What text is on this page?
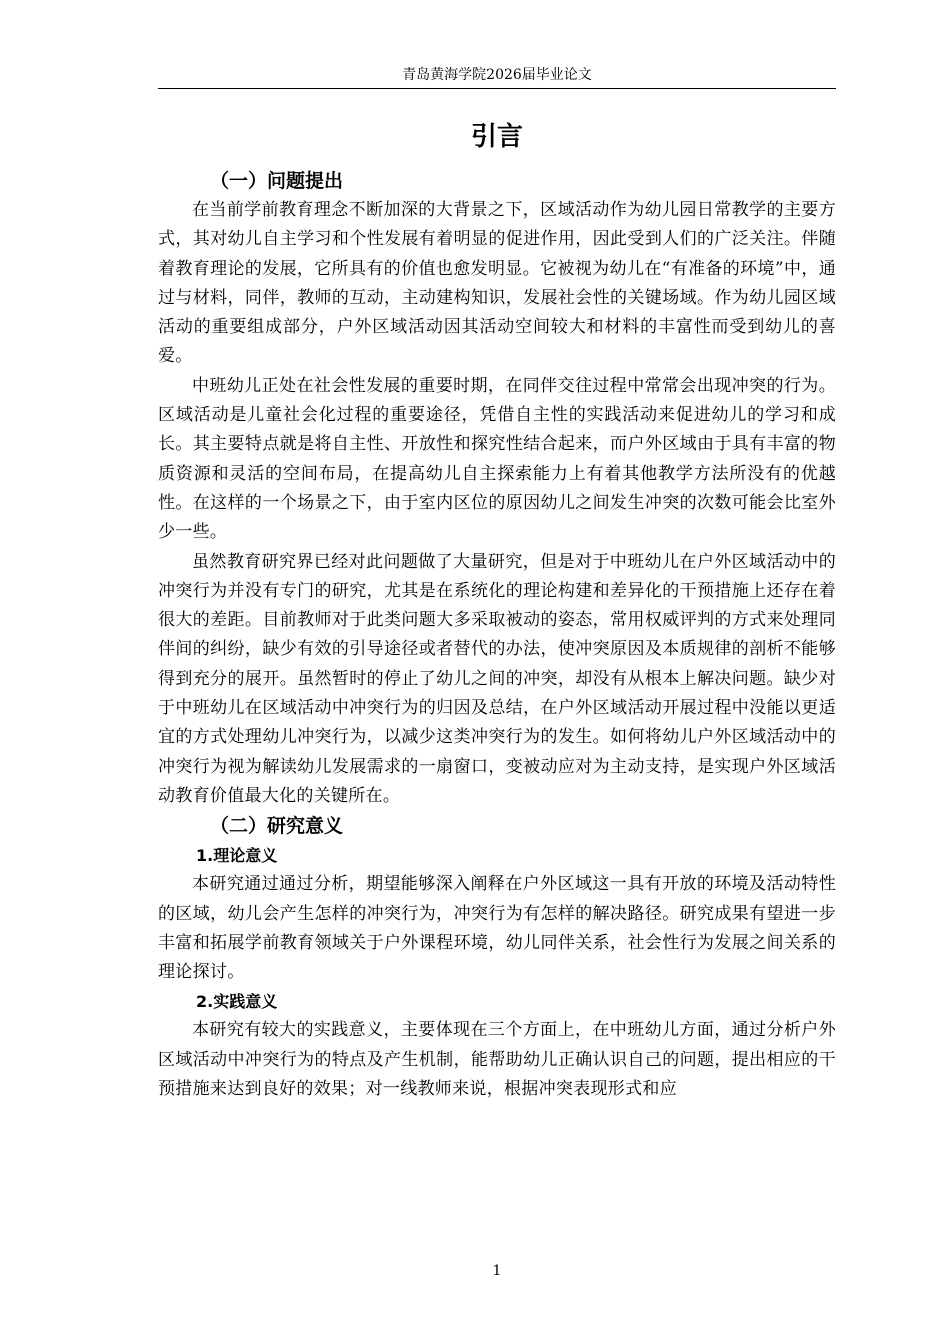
青岛黄海学院2026届毕业论文
引言
（一）问题提出

在当前学前教育理念不断加深的大背景之下，区域活动作为幼儿园日常教学的主要方式，其对幼儿自主学习和个性发展有着明显的促进作用，因此受到人们的广泛关注。伴随着教育理论的发展，它所具有的价值也愈发明显。它被视为幼儿在“有准备的环境”中，通过与材料，同伴，教师的互动，主动建构知识，发展社会性的关键场域。作为幼儿园区域活动的重要组成部分，户外区域活动因其活动空间较大和材料的丰富性而受到幼儿的喜爱。

中班幼儿正处在社会性发展的重要时期，在同伴交往过程中常常会出现冲突的行为。区域活动是儿童社会化过程的重要途径，凭借自主性的实践活动来促进幼儿的学习和成长。其主要特点就是将自主性、开放性和探究性结合起来，而户外区域由于具有丰富的物质资源和灵活的空间布局，在提高幼儿自主探索能力上有着其他教学方法所没有的优越性。在这样的一个场景之下，由于室内区位的原因幼儿之间发生冲突的次数可能会比室外少一些。

虽然教育研究界已经对此问题做了大量研究，但是对于中班幼儿在户外区域活动中的冲突行为并没有专门的研究，尤其是在系统化的理论构建和差异化的干预措施上还存在着很大的差距。目前教师对于此类问题大多采取被动的姿态，常用权威评判的方式来处理同伴间的纠纷，缺少有效的引导途径或者替代的办法，使冲突原因及本质规律的剖析不能够得到充分的展开。虽然暂时的停止了幼儿之间的冲突，却没有从根本上解决问题。缺少对于中班幼儿在区域活动中冲突行为的归因及总结，在户外区域活动开展过程中没能以更适宜的方式处理幼儿冲突行为，以减少这类冲突行为的发生。如何将幼儿户外区域活动中的冲突行为视为解读幼儿发展需求的一扇窗口，变被动应对为主动支持，是实现户外区域活动教育价值最大化的关键所在。

（二）研究意义
1.理论意义

本研究通过通过分析，期望能够深入阐释在户外区域这一具有开放的环境及活动特性的区域，幼儿会产生怎样的冲突行为，冲突行为有怎样的解决路径。研究成果有望进一步丰富和拓展学前教育领域关于户外课程环境，幼儿同伴关系，社会性行为发展之间关系的理论探讨。

2.实践意义

本研究有较大的实践意义，主要体现在三个方面上，在中班幼儿方面，通过分析户外区域活动中冲突行为的特点及产生机制，能帮助幼儿正确认识自己的问题，提出相应的干预措施来达到良好的效果；对一线教师来说，根据冲突表现形式和应

1
